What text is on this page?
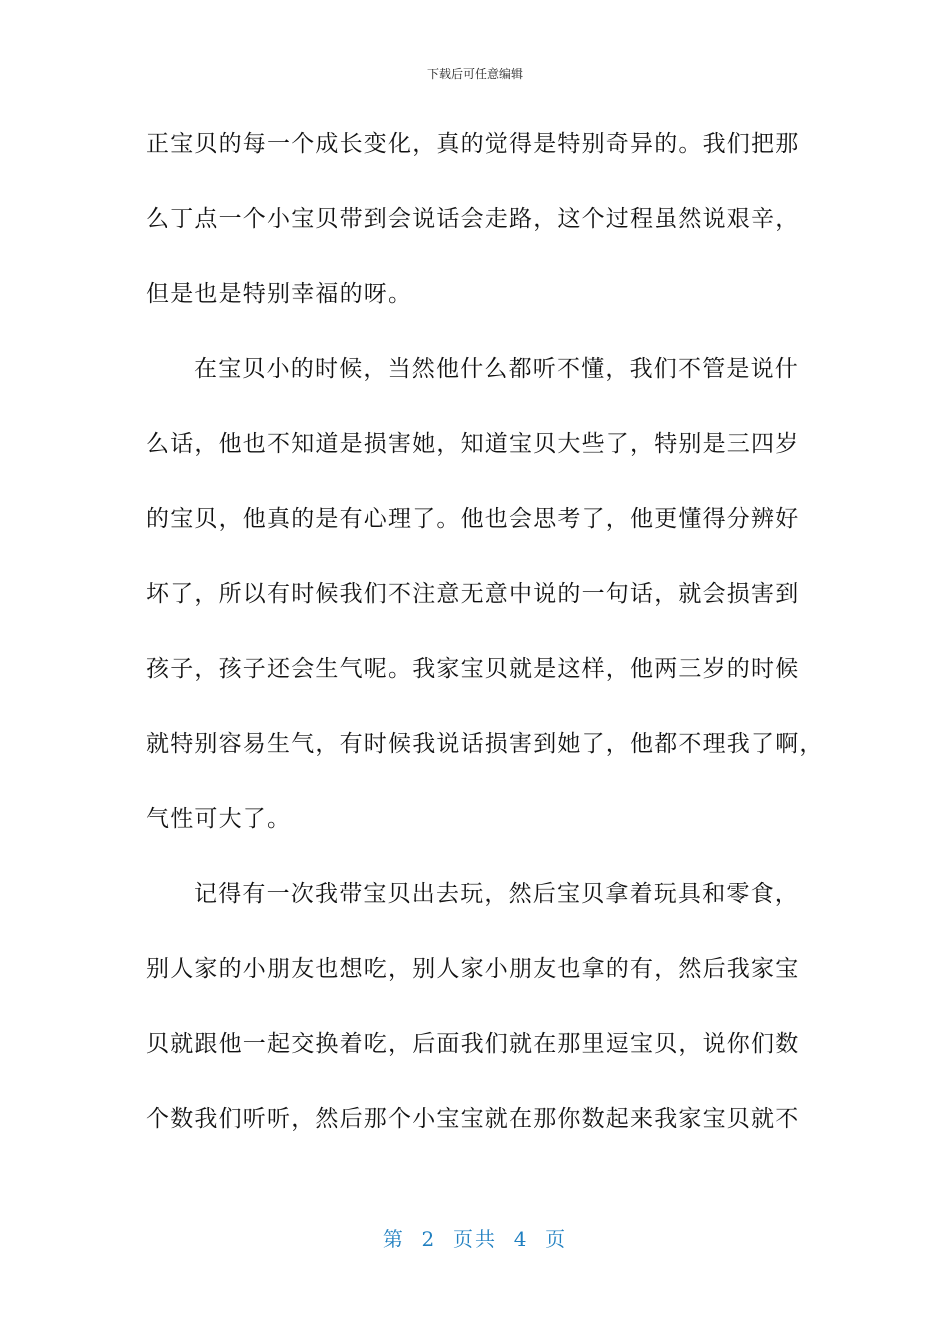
下载后可任意编辑
正宝贝的每一个成长变化，真的觉得是特别奇异的。我们把那
么丁点一个小宝贝带到会说话会走路，这个过程虽然说艰辛，
但是也是特别幸福的呀。
在宝贝小的时候，当然他什么都听不懂，我们不管是说什
么话，他也不知道是损害她，知道宝贝大些了，特别是三四岁
的宝贝，他真的是有心理了。他也会思考了，他更懂得分辨好
坏了，所以有时候我们不注意无意中说的一句话，就会损害到
孩子，孩子还会生气呢。我家宝贝就是这样，他两三岁的时候
就特别容易生气，有时候我说话损害到她了，他都不理我了啊，
气性可大了。
记得有一次我带宝贝出去玩，然后宝贝拿着玩具和零食，
别人家的小朋友也想吃，别人家小朋友也拿的有，然后我家宝
贝就跟他一起交换着吃，后面我们就在那里逗宝贝，说你们数
个数我们听听，然后那个小宝宝就在那你数起来我家宝贝就不
第  2  页共  4  页
